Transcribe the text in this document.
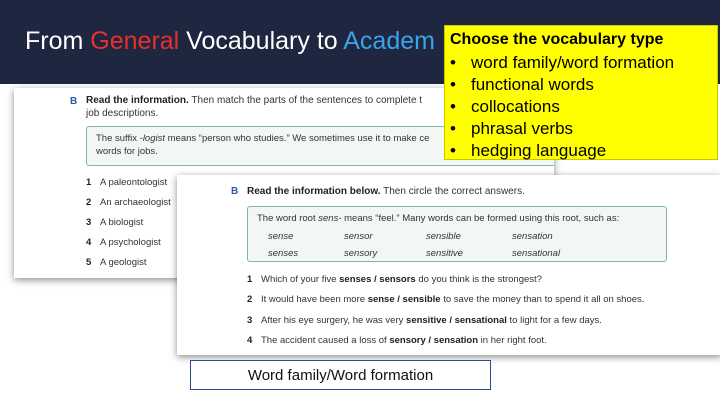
From General Vocabulary to Academ
B Read the information. Then match the parts of the sentences to complete t
job descriptions.
The suffix -logist means “person who studies.” We sometimes use it to make ce
words for jobs.
1 A paleontologist
2 An archaeologist
3 A biologist
4 A psychologist
5 A geologist
B Read the information below. Then circle the correct answers.
The word root sens- means “feel.” Many words can be formed using this root, such as:
sense	sensor	sensible	sensation
senses	sensory	sensitive	sensational
1 Which of your five senses / sensors do you think is the strongest?
2 It would have been more sense / sensible to save the money than to spend it all on shoes.
3 After his eye surgery, he was very sensitive / sensational to light for a few days.
4 The accident caused a loss of sensory / sensation in her right foot.
Choose the vocabulary type
• word family/word formation
• functional words
• collocations
• phrasal verbs
• hedging language
Word family/Word formation
